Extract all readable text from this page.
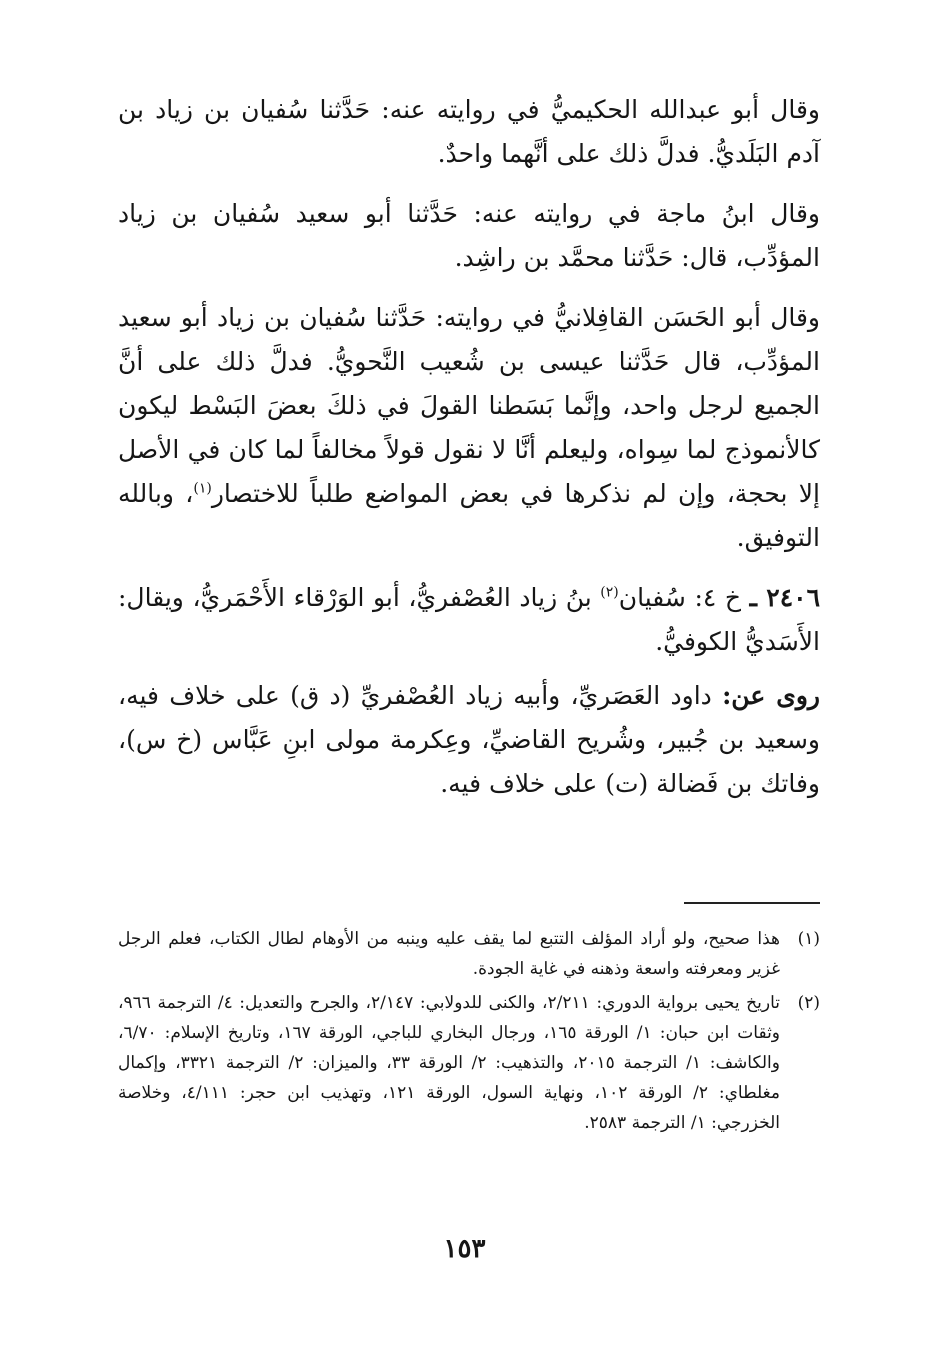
وقال أبو عبدالله الحكيميُّ في روايته عنه: حَدَّثنا سُفيان بن زياد بن آدم البَلَديُّ. فدلَّ ذلك على أنَّهما واحدٌ.

وقال ابنُ ماجة في روايته عنه: حَدَّثنا أبو سعيد سُفيان بن زياد المؤدِّب، قال: حَدَّثنا محمَّد بن راشِد.

وقال أبو الحَسَن القافِلانيُّ في روايته: حَدَّثنا سُفيان بن زياد أبو سعيد المؤدِّب، قال حَدَّثنا عيسى بن شُعيب النَّحويُّ. فدلَّ ذلك على أنَّ الجميع لرجل واحد، وإنَّما بَسَطنا القولَ في ذلكَ بعضَ البَسْط ليكون كالأنموذج لما سِواه، وليعلم أنَّا لا نقول قولاً مخالفاً لما كان في الأصل إلا بحجة، وإن لم نذكرها في بعض المواضع طلباً للاختصار$^{(١)}$، وبالله التوفيق.

٢٤٠٦ ـ خ ٤: سُفيان$^{(٢)}$ بنُ زياد العُصْفريُّ، أبو الوَرْقاء الأَحْمَريُّ، ويقال: الأَسَديُّ الكوفيُّ.

روى عن: داود العَصَريِّ، وأبيه زياد العُصْفريِّ (د ق) على خلاف فيه، وسعيد بن جُبير، وشُريح القاضيِّ، وعِكرمة مولى ابنِ عَبَّاس (خ س)، وفاتك بن فَضالة (ت) على خلاف فيه.

(١)
هذا صحيح، ولو أراد المؤلف التتبع لما يقف عليه وينبه من الأوهام لطال الكتاب، فعلم الرجل غزير ومعرفته واسعة وذهنه في غاية الجودة.
(٢)
تاريخ يحيى برواية الدوري: ٢/٢١١، والكنى للدولابي: ٢/١٤٧، والجرح والتعديل: ٤/ الترجمة ٩٦٦، وثقات ابن حبان: ١/ الورقة ١٦٥، ورجال البخاري للباجي، الورقة ١٦٧، وتاريخ الإسلام: ٦/٧٠، والكاشف: ١/ الترجمة ٢٠١٥، والتذهيب: ٢/ الورقة ٣٣، والميزان: ٢/ الترجمة ٣٣٢١، وإكمال مغلطاي: ٢/ الورقة ١٠٢، ونهاية السول، الورقة ١٢١، وتهذيب ابن حجر: ٤/١١١، وخلاصة الخزرجي: ١/ الترجمة ٢٥٨٣.
١٥٣
